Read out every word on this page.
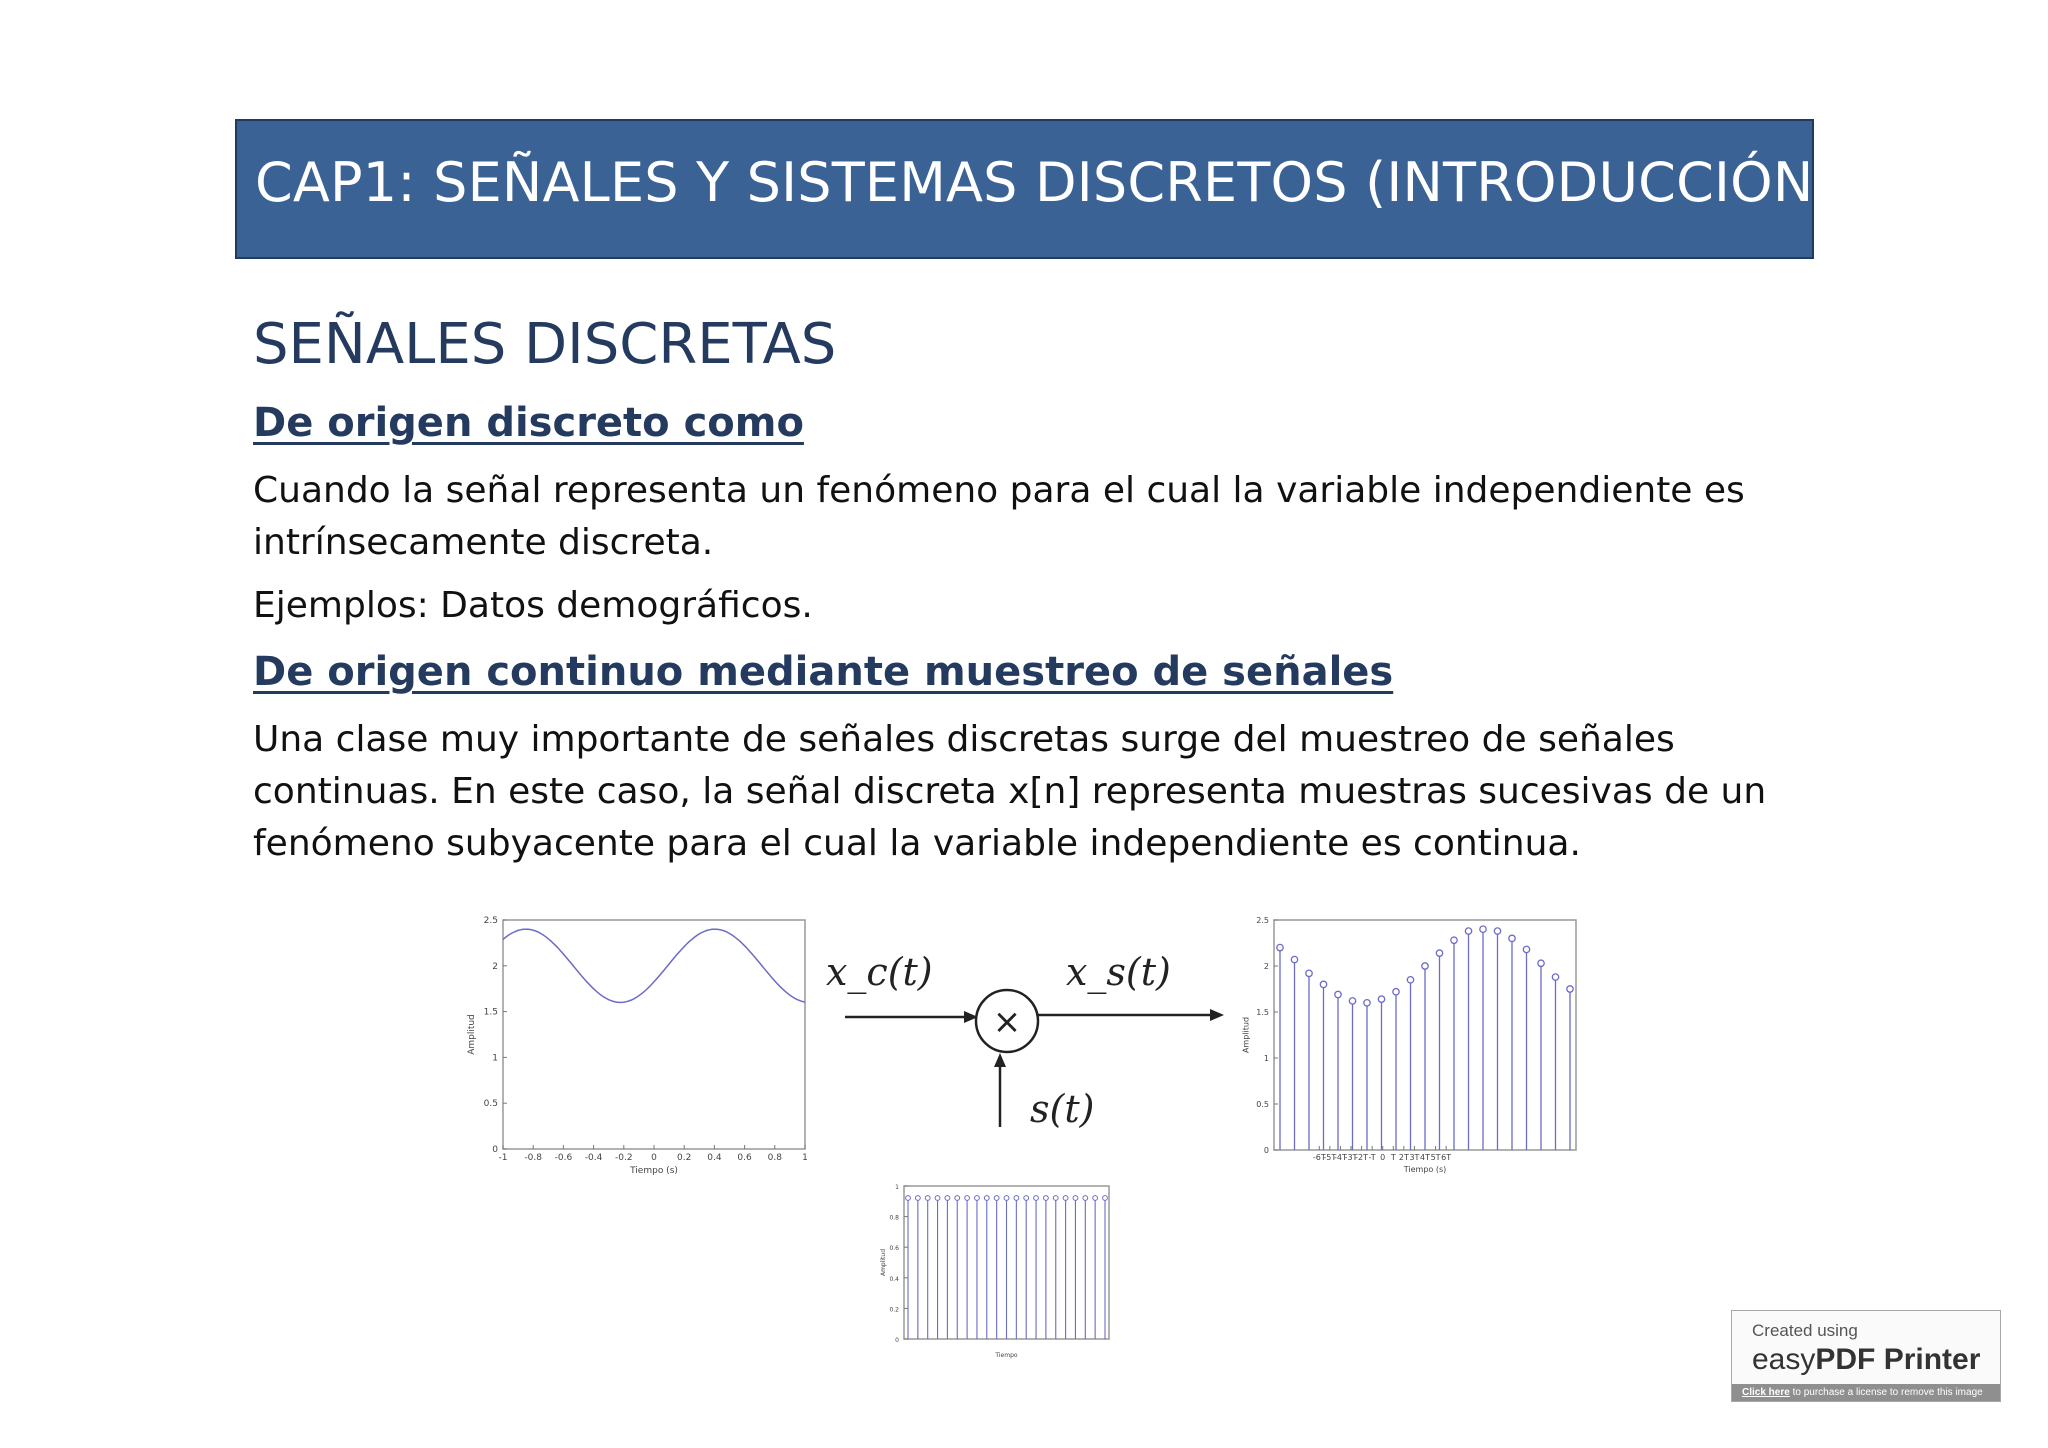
CAP1: SEÑALES Y SISTEMAS DISCRETOS (INTRODUCCIÓN)
SEÑALES DISCRETAS
De origen discreto como
Cuando la señal representa un fenómeno para el cual la variable independiente es intrínsecamente discreta.
Ejemplos: Datos demográficos.
De origen continuo mediante muestreo de señales
Una clase muy importante de señales discretas surge del muestreo de señales continuas. En este caso, la señal discreta x[n] representa muestras sucesivas de un fenómeno subyacente para el cual la variable independiente es continua.
0
0.5
1
1.5
2
2.5
-1 -0.8 -0.6 -0.4 -0.2 0 0.2 0.4 0.6 0.8 1
Tiempo (s)
Amplitud	×
x_c(t)	x_s(t)
s(t)
0
0.5
1
1.5
2
2.5
-6T
-5T
-4T
-3T
-2T -T 0 T 2T 3T 4T 5T 6T
Tiempo (s)
Amplitud
0
0.2
0.4
0.6
0.8
1
Tiempo
Amplitud
Created using
easyPDF Printer
Click here to purchase a license to remove this image
